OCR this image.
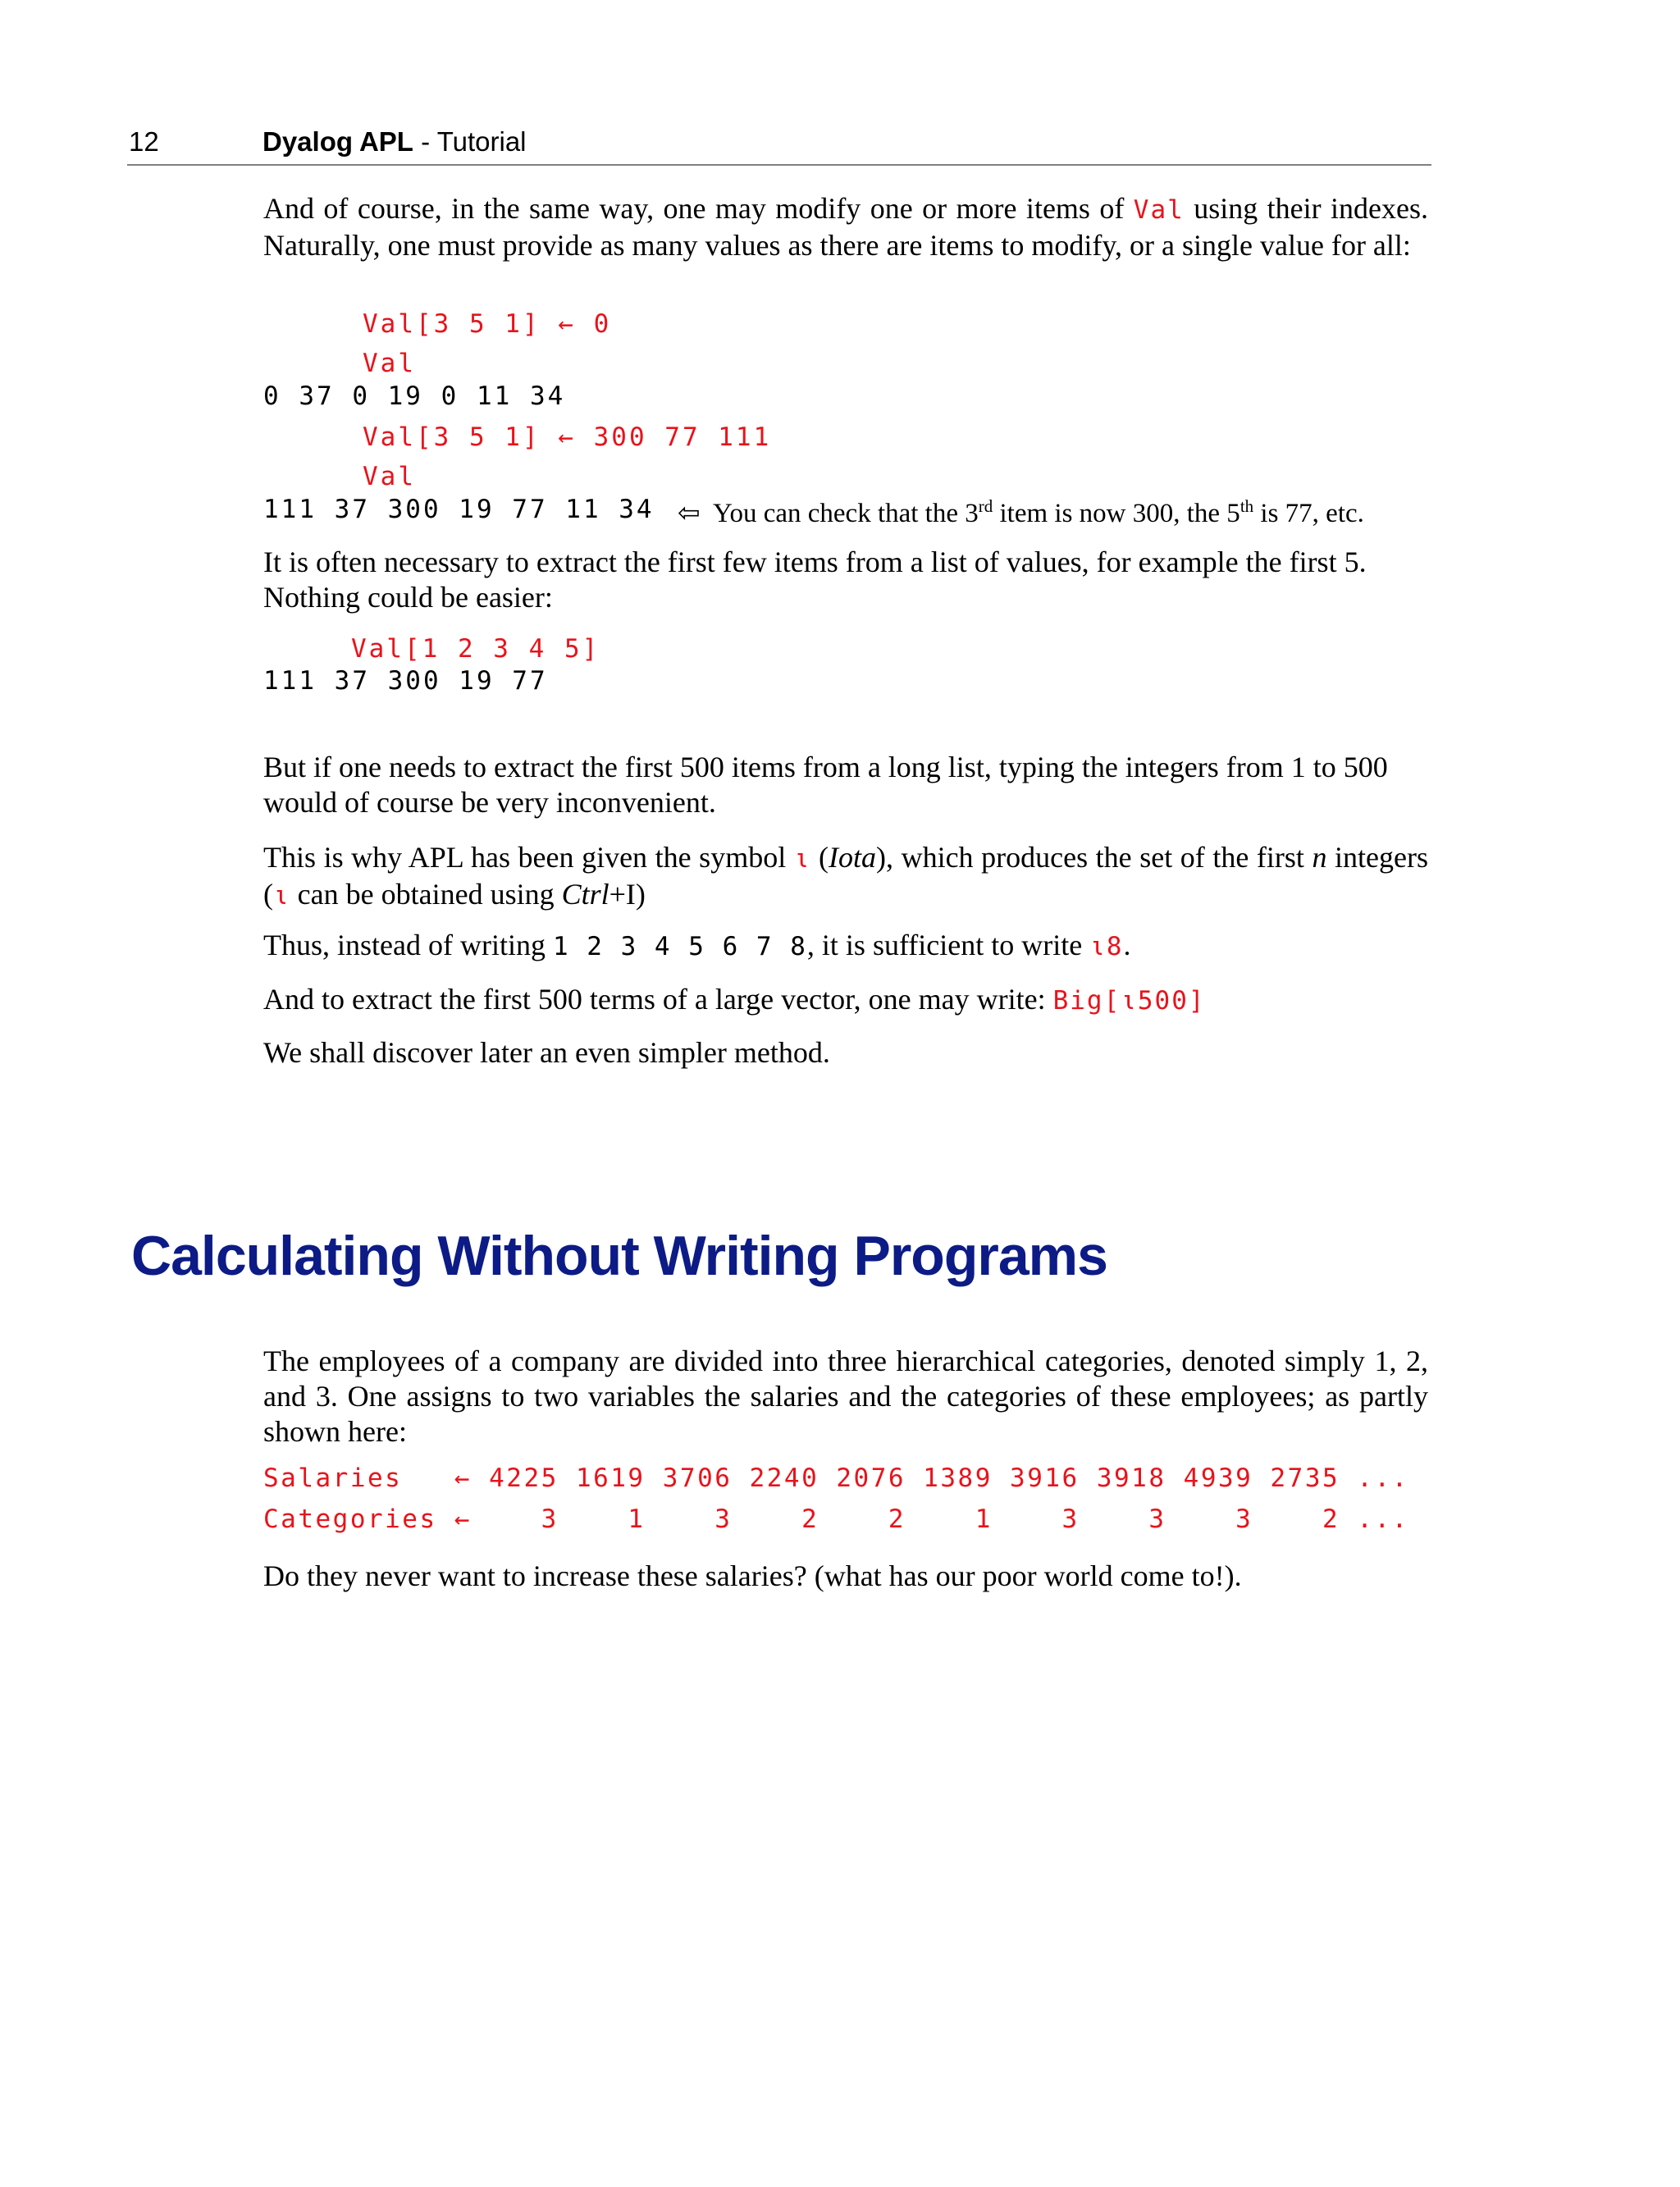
12	Dyalog APL - Tutorial
And of course, in the same way, one may modify one or more items of Val using their indexes. Naturally, one must provide as many values as there are items to modify, or a single value for all:
Val[3 5 1] ← 0
Val
0 37 0 19 0 11 34
Val[3 5 1] ← 300 77 111
Val
111 37 300 19 77 11 34 ⇦ You can check that the 3rd item is now 300, the 5th is 77, etc.
It is often necessary to extract the first few items from a list of values, for example the first 5. Nothing could be easier:
Val[1 2 3 4 5]
111 37 300 19 77
But if one needs to extract the first 500 items from a long list, typing the integers from 1 to 500 would of course be very inconvenient.
This is why APL has been given the symbol ⍳ (Iota), which produces the set of the first n integers (⍳ can be obtained using Ctrl+I)
Thus, instead of writing 1 2 3 4 5 6 7 8, it is sufficient to write ⍳8.
And to extract the first 500 terms of a large vector, one may write: Big[⍳500]
We shall discover later an even simpler method.
Calculating Without Writing Programs
The employees of a company are divided into three hierarchical categories, denoted simply 1, 2, and 3. One assigns to two variables the salaries and the categories of these employees; as partly shown here:
Salaries   ← 4225 1619 3706 2240 2076 1389 3916 3918 4939 2735 ...
Categories ←    3    1    3    2    2    1    3    3    3    2 ...
Do they never want to increase these salaries? (what has our poor world come to!).
